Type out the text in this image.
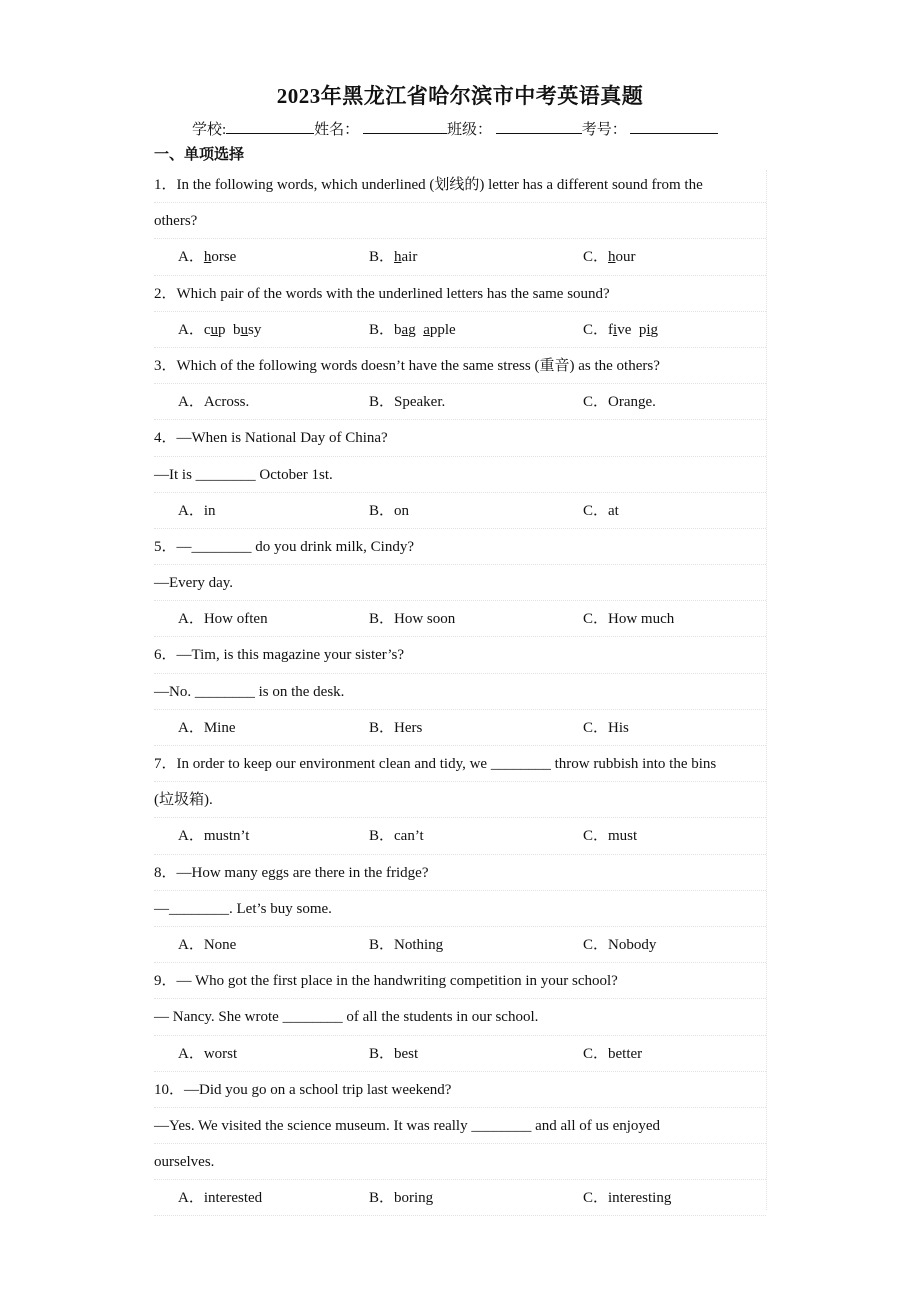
2023年黑龙江省哈尔滨市中考英语真题
学校:	姓名：	班级：	考号：
一、单项选择
1．In the following words, which underlined (划线的) letter has a different sound from the
others?
A．horse	B．hair	C．hour
2．Which pair of the words with the underlined letters has the same sound?
A．cup  busy	B．bag  apple	C．five  pig
3．Which of the following words doesn’t have the same stress (重音) as the others?
A．Across.	B．Speaker.	C．Orange.
4．—When is National Day of China?
—It is ________ October 1st.
A．in	B．on	C．at
5．—________ do you drink milk, Cindy?
—Every day.
A．How often	B．How soon	C．How much
6．—Tim, is this magazine your sister’s?
—No. ________ is on the desk.
A．Mine	B．Hers	C．His
7．In order to keep our environment clean and tidy, we ________ throw rubbish into the bins
(垃圾箱).
A．mustn’t	B．can’t	C．must
8．—How many eggs are there in the fridge?
—________. Let’s buy some.
A．None	B．Nothing	C．Nobody
9．— Who got the first place in the handwriting competition in your school?
— Nancy. She wrote ________ of all the students in our school.
A．worst	B．best	C．better
10．—Did you go on a school trip last weekend?
—Yes. We visited the science museum. It was really ________ and all of us enjoyed
ourselves.
A．interested	B．boring	C．interesting
